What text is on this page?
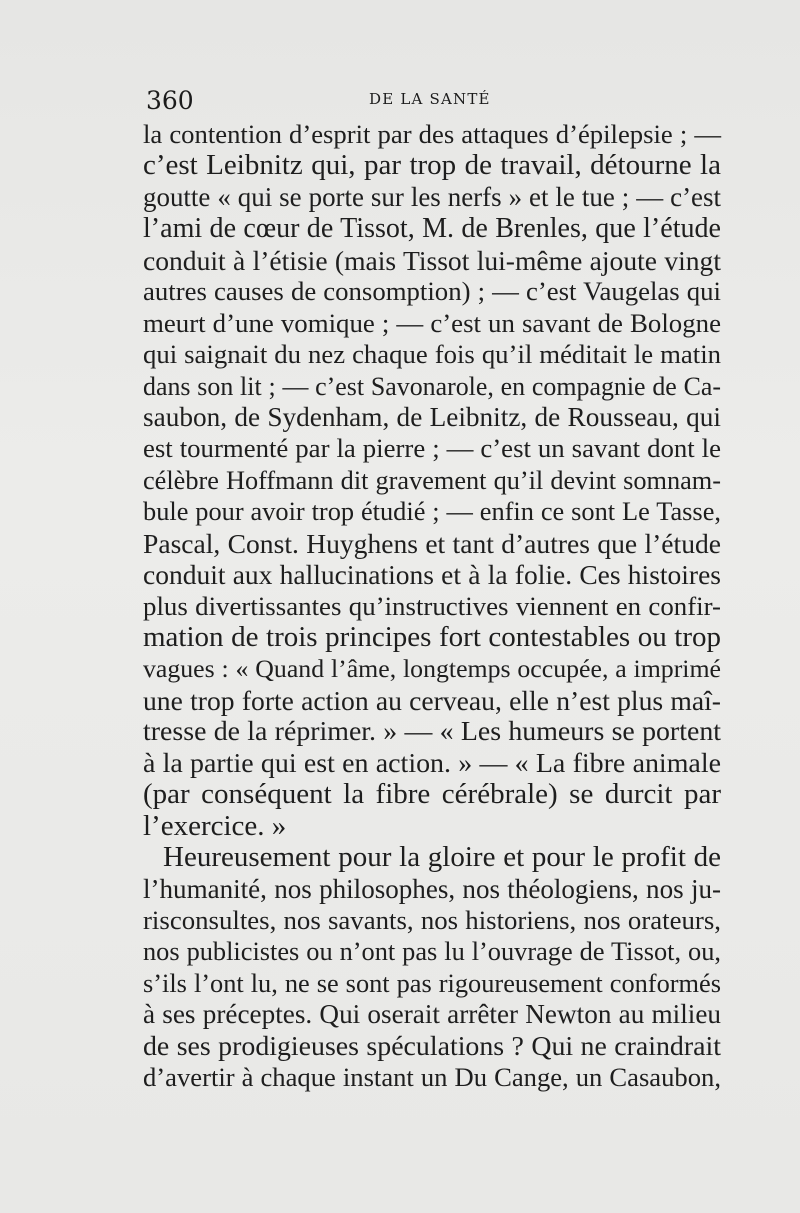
360	DE LA SANTÉ
la contention d’esprit par des attaques d’épilepsie ; —
c’est Leibnitz qui, par trop de travail, détourne la
goutte « qui se porte sur les nerfs » et le tue ; — c’est
l’ami de cœur de Tissot, M. de Brenles, que l’étude
conduit à l’étisie (mais Tissot lui-même ajoute vingt
autres causes de consomption) ; — c’est Vaugelas qui
meurt d’une vomique ; — c’est un savant de Bologne
qui saignait du nez chaque fois qu’il méditait le matin
dans son lit ; — c’est Savonarole, en compagnie de Ca-
saubon, de Sydenham, de Leibnitz, de Rousseau, qui
est tourmenté par la pierre ; — c’est un savant dont le
célèbre Hoffmann dit gravement qu’il devint somnam-
bule pour avoir trop étudié ; — enfin ce sont Le Tasse,
Pascal, Const. Huyghens et tant d’autres que l’étude
conduit aux hallucinations et à la folie. Ces histoires
plus divertissantes qu’instructives viennent en confir-
mation de trois principes fort contestables ou trop
vagues : « Quand l’âme, longtemps occupée, a imprimé
une trop forte action au cerveau, elle n’est plus maî-
tresse de la réprimer. » — « Les humeurs se portent
à la partie qui est en action. » — « La fibre animale
(par conséquent la fibre cérébrale) se durcit par
l’exercice. »
Heureusement pour la gloire et pour le profit de
l’humanité, nos philosophes, nos théologiens, nos ju-
risconsultes, nos savants, nos historiens, nos orateurs,
nos publicistes ou n’ont pas lu l’ouvrage de Tissot, ou,
s’ils l’ont lu, ne se sont pas rigoureusement conformés
à ses préceptes. Qui oserait arrêter Newton au milieu
de ses prodigieuses spéculations ? Qui ne craindrait
d’avertir à chaque instant un Du Cange, un Casaubon,
